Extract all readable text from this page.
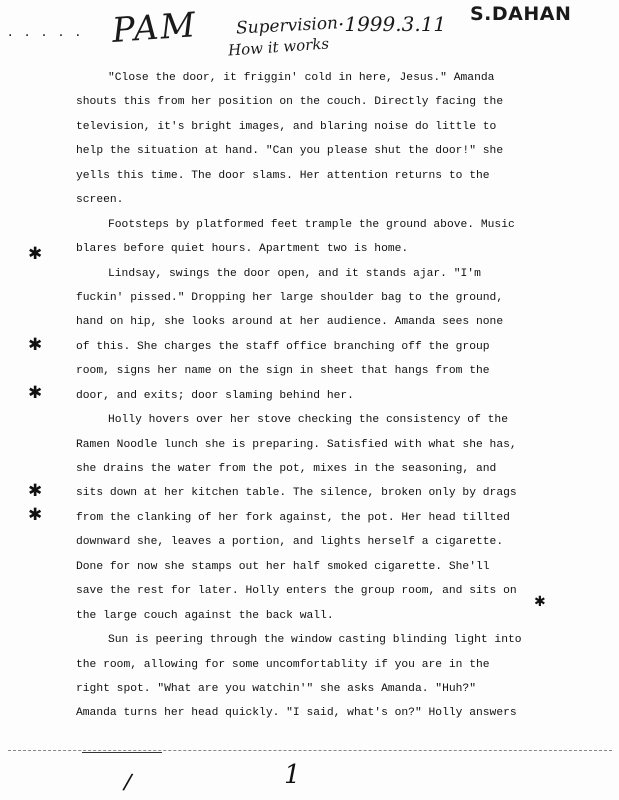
· · · · · PAM Supervision ·1999.3.11 S.DAHAN
How it works
✱
✱
✱
✱
✱
✱
"Close the door, it friggin' cold in here, Jesus." Amanda
shouts this from her position on the couch. Directly facing the
television, it's bright images, and blaring noise do little to
help the situation at hand. "Can you please shut the door!" she
yells this time. The door slams. Her attention returns to the
screen.
Footsteps by platformed feet trample the ground above. Music
blares before quiet hours. Apartment two is home.
Lindsay, swings the door open, and it stands ajar. "I'm
fuckin' pissed." Dropping her large shoulder bag to the ground,
hand on hip, she looks around at her audience. Amanda sees none
of this. She charges the staff office branching off the group
room, signs her name on the sign in sheet that hangs from the
door, and exits; door slaming behind her.
Holly hovers over her stove checking the consistency of the
Ramen Noodle lunch she is preparing. Satisfied with what she has,
she drains the water from the pot, mixes in the seasoning, and
sits down at her kitchen table. The silence, broken only by drags
from the clanking of her fork against, the pot. Her head tillted
downward she, leaves a portion, and lights herself a cigarette.
Done for now she stamps out her half smoked cigarette. She'll
save the rest for later. Holly enters the group room, and sits on
the large couch against the back wall.
Sun is peering through the window casting blinding light into
the room, allowing for some uncomfortablity if you are in the
right spot. "What are you watchin'" she asks Amanda. "Huh?"
Amanda turns her head quickly. "I said, what's on?" Holly answers
1
/
